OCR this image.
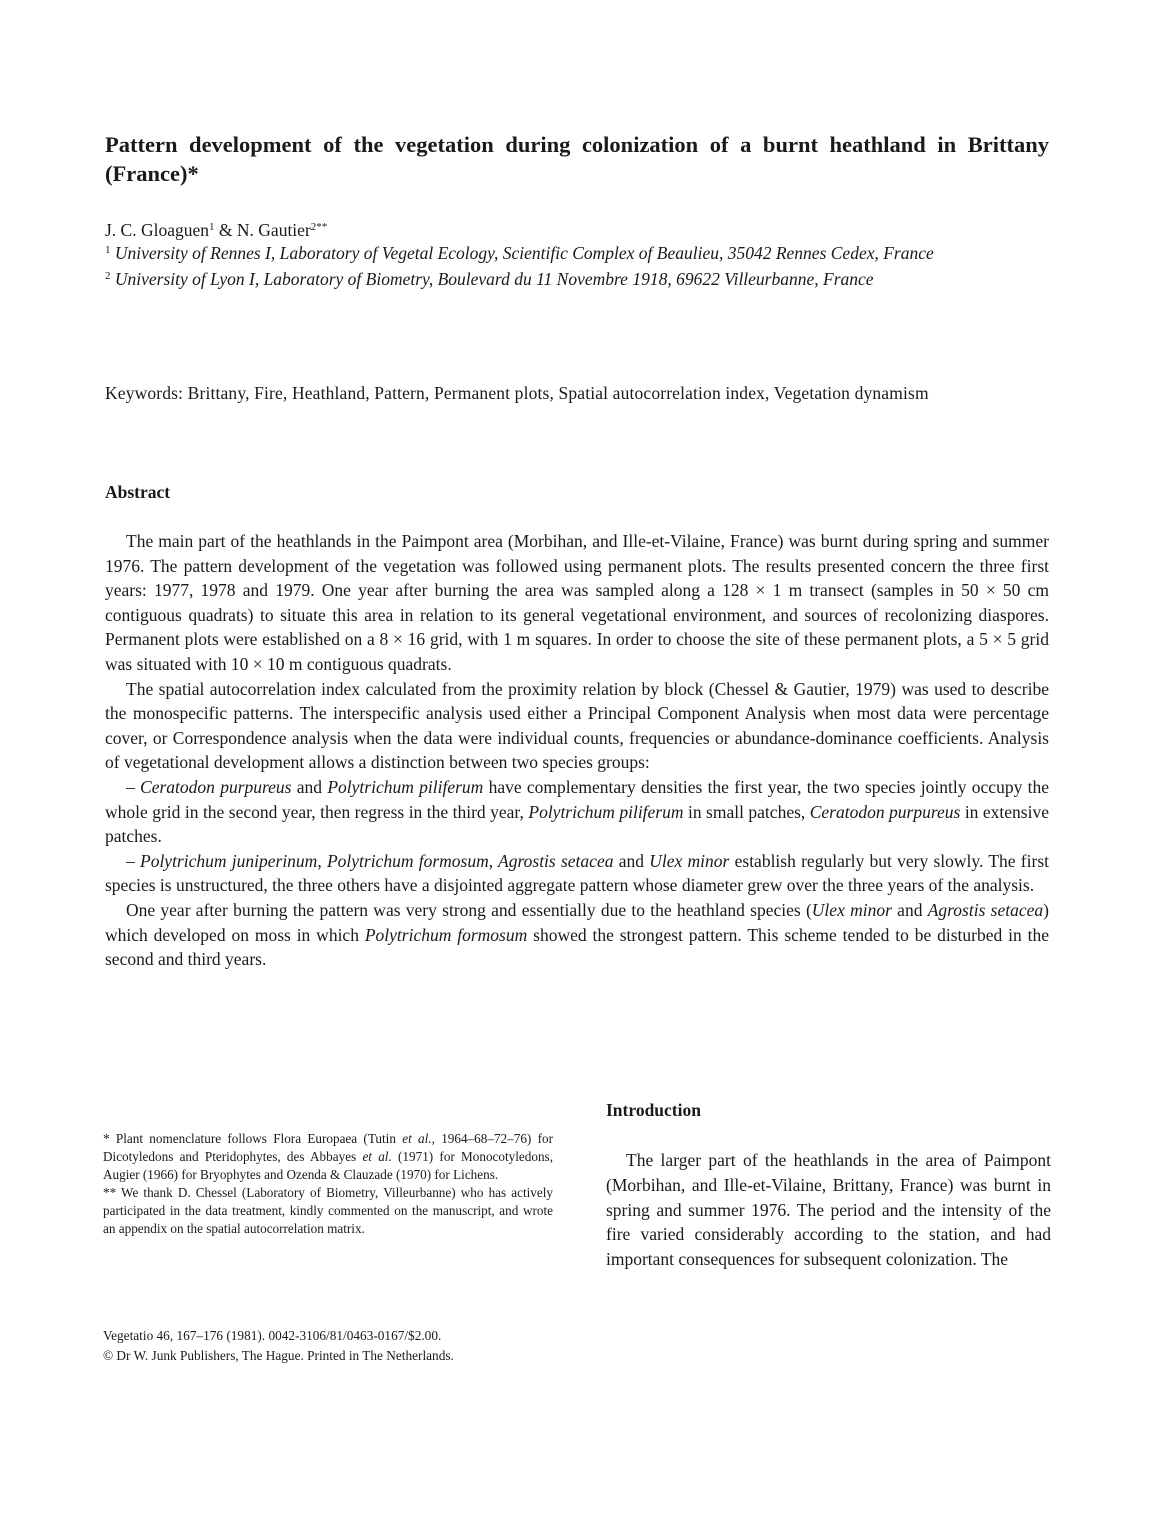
Pattern development of the vegetation during colonization of a burnt heathland in Brittany (France)*

J. C. Gloaguen$^1$ & N. Gautier$^{2**}$

$^1$ University of Rennes I, Laboratory of Vegetal Ecology, Scientific Complex of Beaulieu, 35042 Rennes Cedex, France

$^2$ University of Lyon I, Laboratory of Biometry, Boulevard du 11 Novembre 1918, 69622 Villeurbanne, France

Keywords: Brittany, Fire, Heathland, Pattern, Permanent plots, Spatial autocorrelation index, Vegetation dynamism

Abstract

The main part of the heathlands in the Paimpont area (Morbihan, and Ille-et-Vilaine, France) was burnt during spring and summer 1976. The pattern development of the vegetation was followed using permanent plots. The results presented concern the three first years: 1977, 1978 and 1979. One year after burning the area was sampled along a 128 × 1 m transect (samples in 50 × 50 cm contiguous quadrats) to situate this area in relation to its general vegetational environment, and sources of recolonizing diaspores. Permanent plots were established on a 8 × 16 grid, with 1 m squares. In order to choose the site of these permanent plots, a 5 × 5 grid was situated with 10 × 10 m contiguous quadrats.

The spatial autocorrelation index calculated from the proximity relation by block (Chessel & Gautier, 1979) was used to describe the monospecific patterns. The interspecific analysis used either a Principal Component Analysis when most data were percentage cover, or Correspondence analysis when the data were individual counts, frequencies or abundance-dominance coefficients. Analysis of vegetational development allows a distinction between two species groups:

– Ceratodon purpureus and Polytrichum piliferum have complementary densities the first year, the two species jointly occupy the whole grid in the second year, then regress in the third year, Polytrichum piliferum in small patches, Ceratodon purpureus in extensive patches.

– Polytrichum juniperinum, Polytrichum formosum, Agrostis setacea and Ulex minor establish regularly but very slowly. The first species is unstructured, the three others have a disjointed aggregate pattern whose diameter grew over the three years of the analysis.

One year after burning the pattern was very strong and essentially due to the heathland species (Ulex minor and Agrostis setacea) which developed on moss in which Polytrichum formosum showed the strongest pattern. This scheme tended to be disturbed in the second and third years.

* Plant nomenclature follows Flora Europaea (Tutin et al., 1964–68–72–76) for Dicotyledons and Pteridophytes, des Abbayes et al. (1971) for Monocotyledons, Augier (1966) for Bryophytes and Ozenda & Clauzade (1970) for Lichens.

** We thank D. Chessel (Laboratory of Biometry, Villeurbanne) who has actively participated in the data treatment, kindly commented on the manuscript, and wrote an appendix on the spatial autocorrelation matrix.

Introduction

The larger part of the heathlands in the area of Paimpont (Morbihan, and Ille-et-Vilaine, Brittany, France) was burnt in spring and summer 1976. The period and the intensity of the fire varied considerably according to the station, and had important consequences for subsequent colonization. The

Vegetatio 46, 167–176 (1981). 0042-3106/81/0463-0167/$2.00.

© Dr W. Junk Publishers, The Hague. Printed in The Netherlands.
